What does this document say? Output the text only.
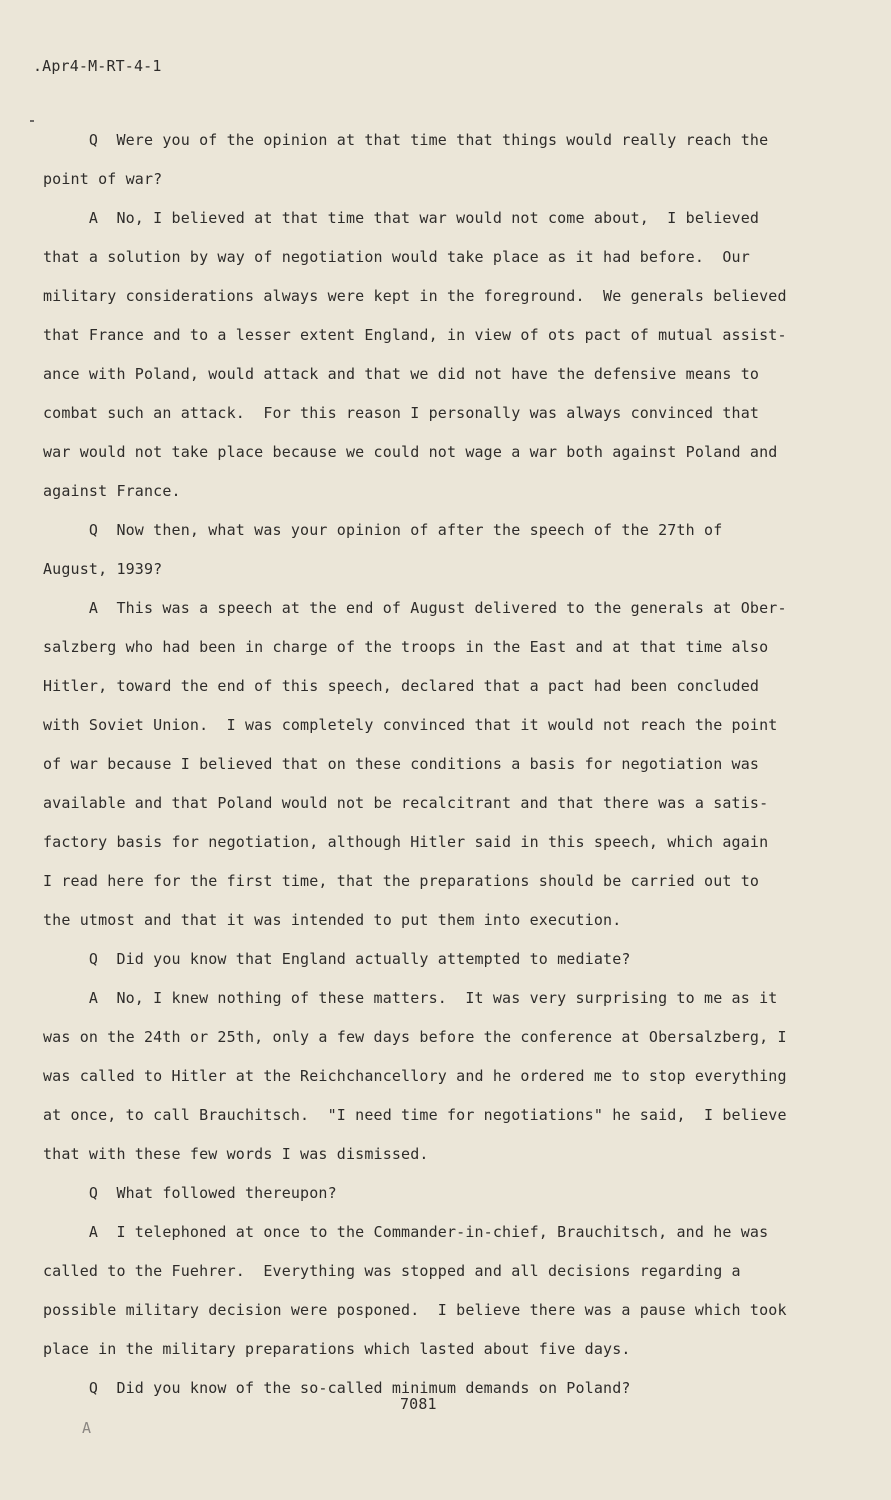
.Apr4-M-RT-4-1
Q  Were you of the opinion at that time that things would really reach the
point of war?
A  No, I believed at that time that war would not come about,  I believed
that a solution by way of negotiation would take place as it had before.  Our
military considerations always were kept in the foreground.  We generals believed
that France and to a lesser extent England, in view of ots pact of mutual assist-
ance with Poland, would attack and that we did not have the defensive means to
combat such an attack.  For this reason I personally was always convinced that
war would not take place because we could not wage a war both against Poland and
against France.
Q  Now then, what was your opinion of after the speech of the 27th of
August, 1939?
A  This was a speech at the end of August delivered to the generals at Ober-
salzberg who had been in charge of the troops in the East and at that time also
Hitler, toward the end of this speech, declared that a pact had been concluded
with Soviet Union.  I was completely convinced that it would not reach the point
of war because I believed that on these conditions a basis for negotiation was
available and that Poland would not be recalcitrant and that there was a satis-
factory basis for negotiation, although Hitler said in this speech, which again
I read here for the first time, that the preparations should be carried out to
the utmost and that it was intended to put them into execution.
Q  Did you know that England actually attempted to mediate?
A  No, I knew nothing of these matters.  It was very surprising to me as it
was on the 24th or 25th, only a few days before the conference at Obersalzberg, I
was called to Hitler at the Reichchancellory and he ordered me to stop everything
at once, to call Brauchitsch.  "I need time for negotiations" he said,  I believe
that with these few words I was dismissed.
Q  What followed thereupon?
A  I telephoned at once to the Commander-in-chief, Brauchitsch, and he was
called to the Fuehrer.  Everything was stopped and all decisions regarding a
possible military decision were posponed.  I believe there was a pause which took
place in the military preparations which lasted about five days.
Q  Did you know of the so-called minimum demands on Poland?
7081
A
